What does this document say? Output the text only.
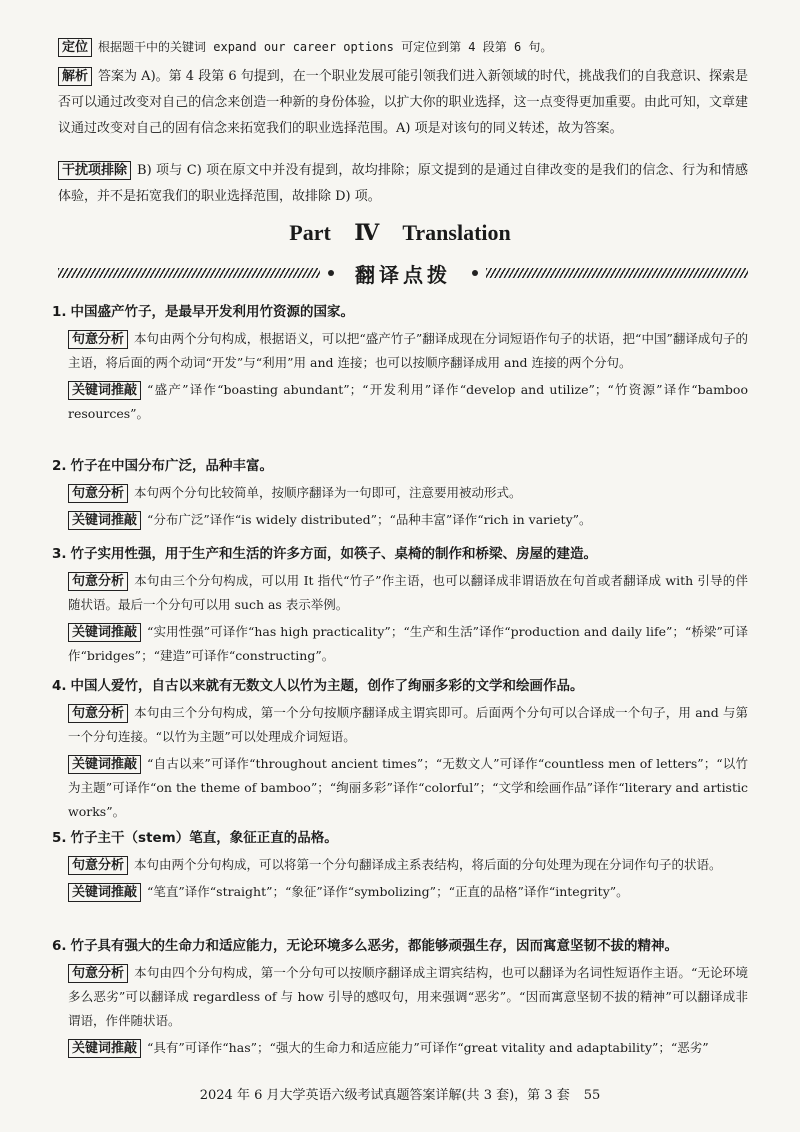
定位 根据题干中的关键词 expand our career options 可定位到第 4 段第 6 句。
解析 答案为 A)。第 4 段第 6 句提到，在一个职业发展可能引领我们进入新领域的时代，挑战我们的自我意识、探索是否可以通过改变对自己的信念来创造一种新的身份体验，以扩大你的职业选择，这一点变得更加重要。由此可知，文章建议通过改变对自己的固有信念来拓宽我们的职业选择范围。A) 项是对该句的同义转述，故为答案。
干扰项排除 B) 项与 C) 项在原文中并没有提到，故均排除；原文提到的是通过自律改变的是我们的信念、行为和情感体验，并不是拓宽我们的职业选择范围，故排除 D) 项。
Part Ⅳ Translation
翻译点拨
1. 中国盛产竹子，是最早开发利用竹资源的国家。
句意分析 本句由两个分句构成，根据语义，可以把“盛产竹子”翻译成现在分词短语作句子的状语，把“中国”翻译成句子的主语，将后面的两个动词“开发”与“利用”用 and 连接；也可以按顺序翻译成用 and 连接的两个分句。
关键词推敲 “盛产”译作“boasting abundant”；“开发利用”译作“develop and utilize”；“竹资源”译作“bamboo resources”。
2. 竹子在中国分布广泛，品种丰富。
句意分析 本句两个分句比较简单，按顺序翻译为一句即可，注意要用被动形式。
关键词推敲 “分布广泛”译作“is widely distributed”；“品种丰富”译作“rich in variety”。
3. 竹子实用性强，用于生产和生活的许多方面，如筷子、桌椅的制作和桥梁、房屋的建造。
句意分析 本句由三个分句构成，可以用 It 指代“竹子”作主语，也可以翻译成非谓语放在句首或者翻译成 with 引导的伴随状语。最后一个分句可以用 such as 表示举例。
关键词推敲 “实用性强”可译作“has high practicality”；“生产和生活”译作“production and daily life”；“桥梁”可译作“bridges”；“建造”可译作“constructing”。
4. 中国人爱竹，自古以来就有无数文人以竹为主题，创作了绚丽多彩的文学和绘画作品。
句意分析 本句由三个分句构成，第一个分句按顺序翻译成主谓宾即可。后面两个分句可以合译成一个句子，用 and 与第一个分句连接。“以竹为主题”可以处理成介词短语。
关键词推敲 “自古以来”可译作“throughout ancient times”；“无数文人”可译作“countless men of letters”；“以竹为主题”可译作“on the theme of bamboo”；“绚丽多彩”译作“colorful”；“文学和绘画作品”译作“literary and artistic works”。
5. 竹子主干（stem）笔直，象征正直的品格。
句意分析 本句由两个分句构成，可以将第一个分句翻译成主系表结构，将后面的分句处理为现在分词作句子的状语。
关键词推敲 “笔直”译作“straight”；“象征”译作“symbolizing”；“正直的品格”译作“integrity”。
6. 竹子具有强大的生命力和适应能力，无论环境多么恶劣，都能够顽强生存，因而寓意坚韧不拔的精神。
句意分析 本句由四个分句构成，第一个分句可以按顺序翻译成主谓宾结构，也可以翻译为名词性短语作主语。“无论环境多么恶劣”可以翻译成 regardless of 与 how 引导的感叹句，用来强调“恶劣”。“因而寓意坚韧不拔的精神”可以翻译成非谓语，作伴随状语。
关键词推敲 “具有”可译作“has”；“强大的生命力和适应能力”可译作“great vitality and adaptability”；“恶劣”
2024 年 6 月大学英语六级考试真题答案详解(共 3 套)，第 3 套 55
